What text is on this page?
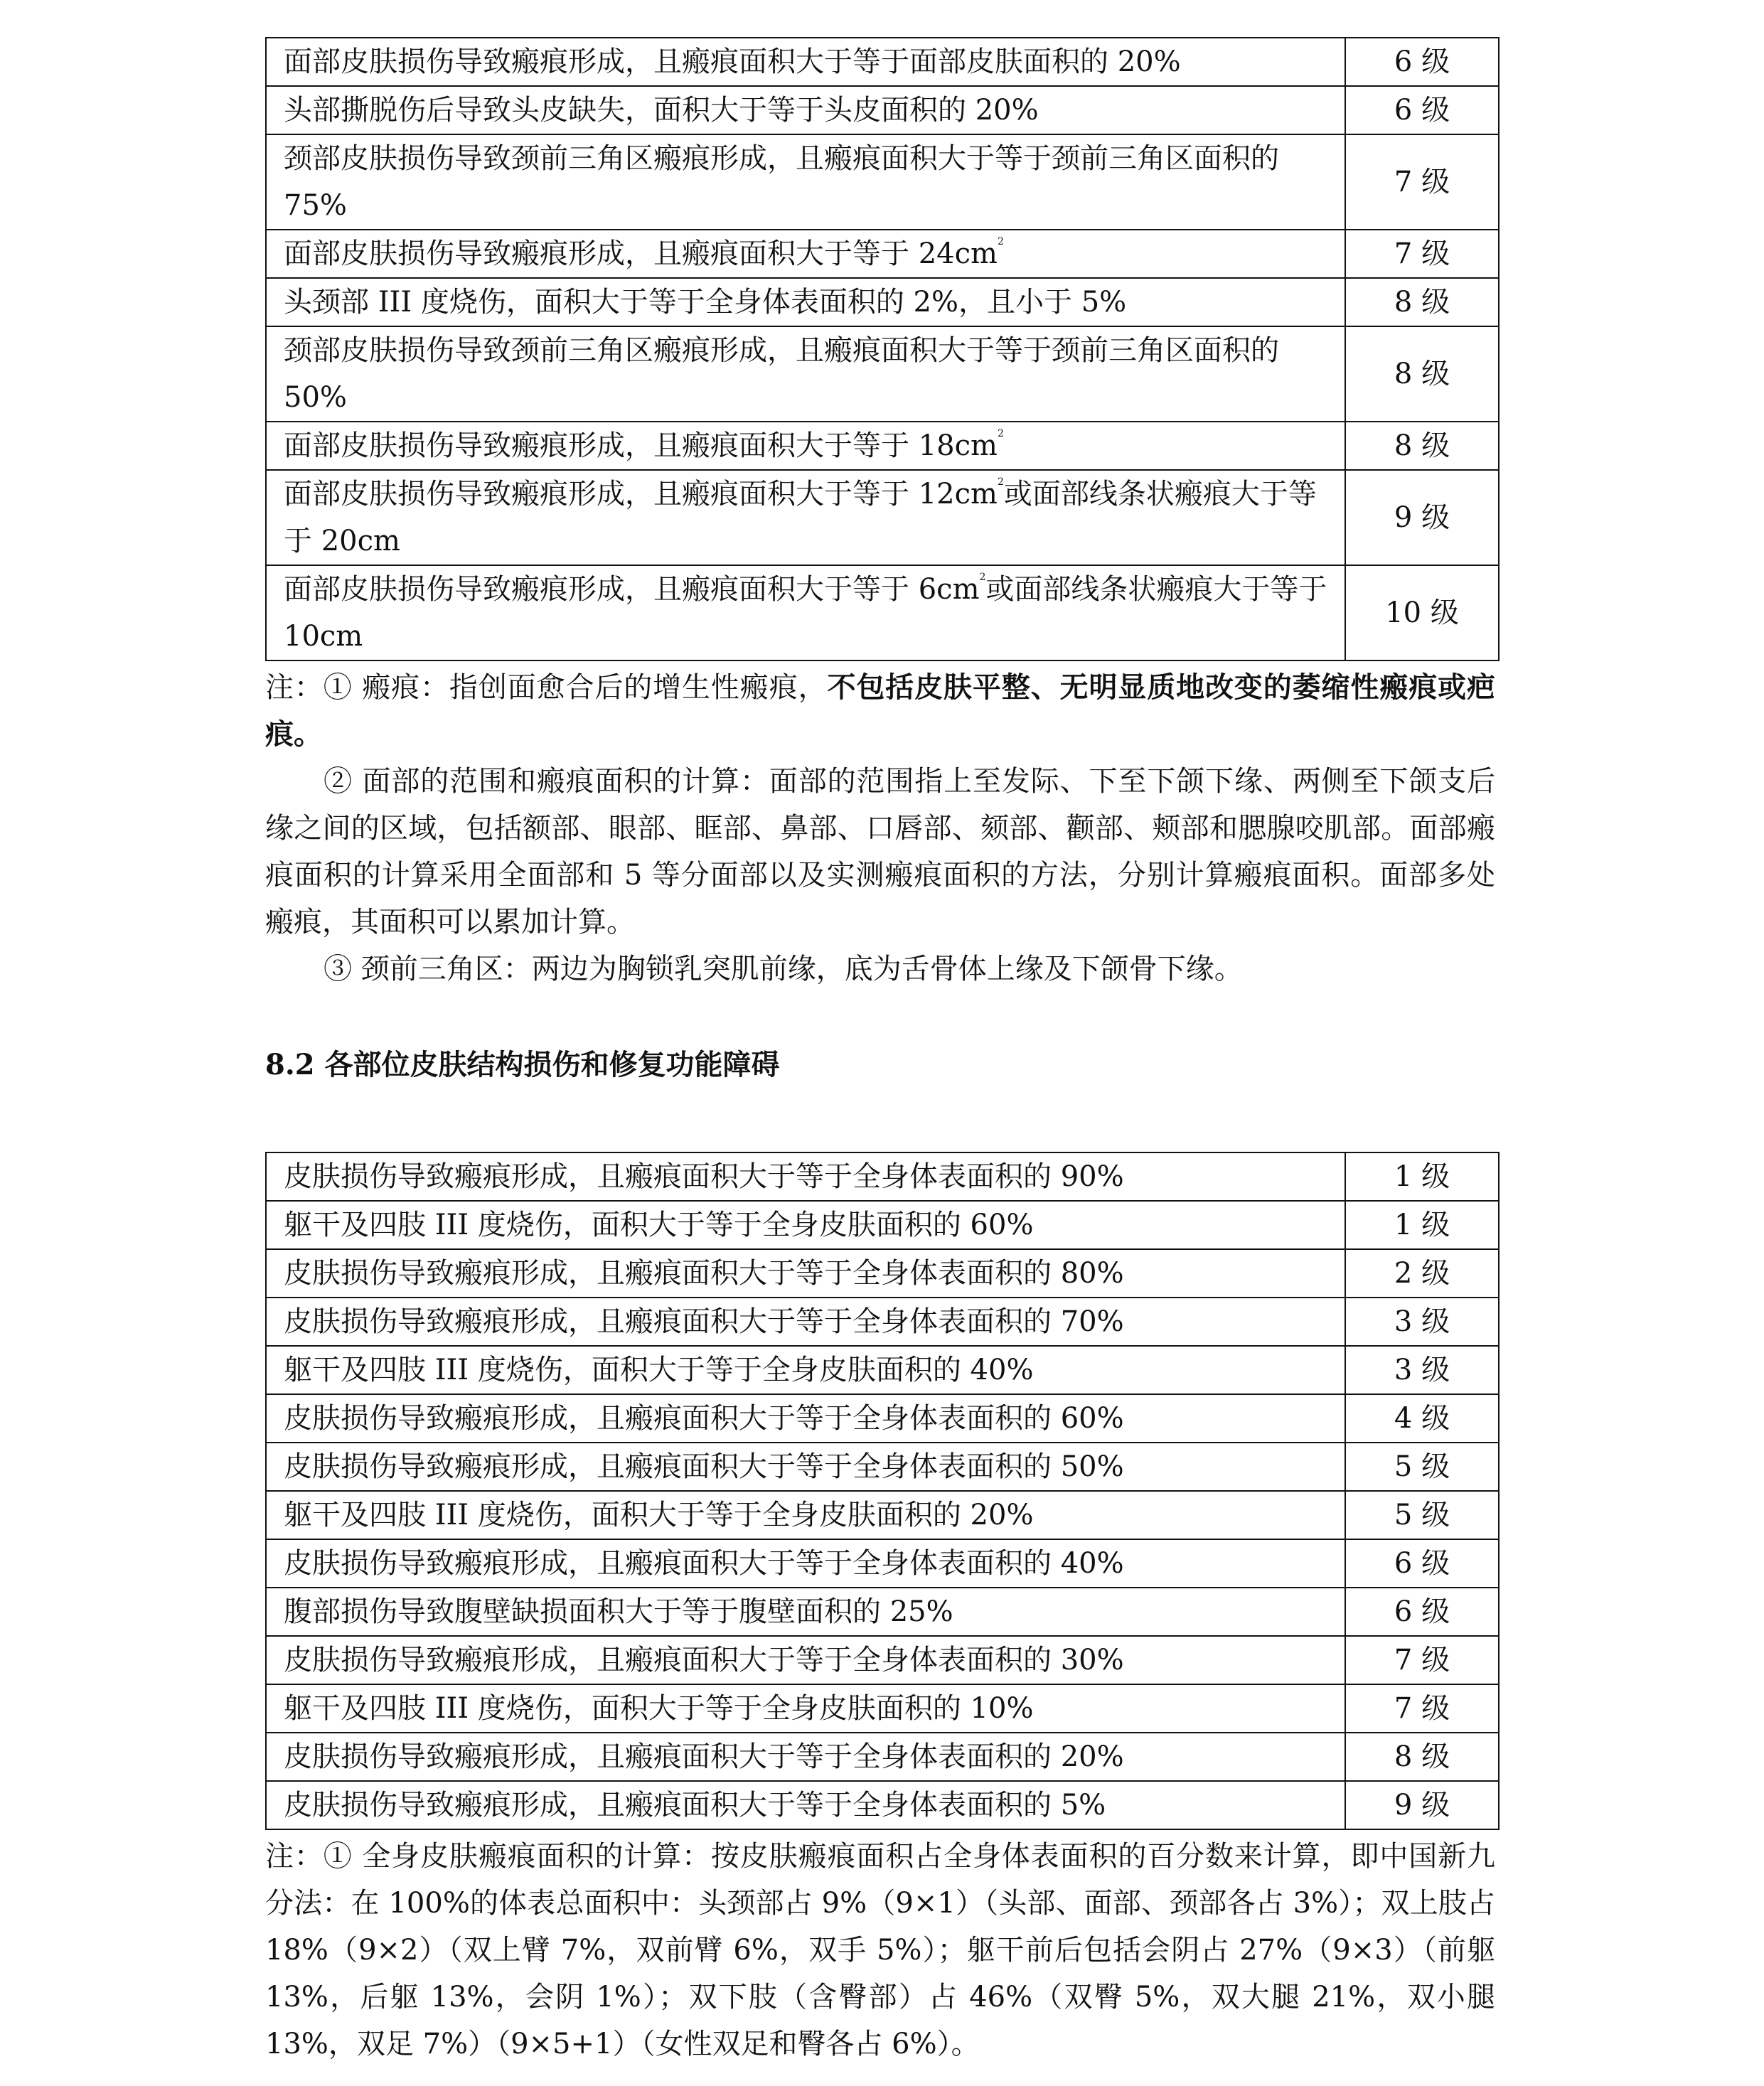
面部皮肤损伤导致瘢痕形成，且瘢痕面积大于等于面部皮肤面积的 20%	6 级
头部撕脱伤后导致头皮缺失，面积大于等于头皮面积的 20%	6 级
颈部皮肤损伤导致颈前三角区瘢痕形成，且瘢痕面积大于等于颈前三角区面积的 75%	7 级
面部皮肤损伤导致瘢痕形成，且瘢痕面积大于等于 $24cm^2$	7 级
头颈部 III 度烧伤，面积大于等于全身体表面积的 2%，且小于 5%	8 级
颈部皮肤损伤导致颈前三角区瘢痕形成，且瘢痕面积大于等于颈前三角区面积的 50%	8 级
面部皮肤损伤导致瘢痕形成，且瘢痕面积大于等于 $18cm^2$	8 级
面部皮肤损伤导致瘢痕形成，且瘢痕面积大于等于 $12cm^2$或面部线条状瘢痕大于等于 20cm	9 级
面部皮肤损伤导致瘢痕形成，且瘢痕面积大于等于 $6cm^2$或面部线条状瘢痕大于等于 10cm	10 级

注：① 瘢痕：指创面愈合后的增生性瘢痕，不包括皮肤平整、无明显质地改变的萎缩性瘢痕或疤痕。

② 面部的范围和瘢痕面积的计算：面部的范围指上至发际、下至下颌下缘、两侧至下颌支后缘之间的区域，包括额部、眼部、眶部、鼻部、口唇部、颏部、颧部、颊部和腮腺咬肌部。面部瘢痕面积的计算采用全面部和 5 等分面部以及实测瘢痕面积的方法，分别计算瘢痕面积。面部多处瘢痕，其面积可以累加计算。

③ 颈前三角区：两边为胸锁乳突肌前缘，底为舌骨体上缘及下颌骨下缘。

8.2 各部位皮肤结构损伤和修复功能障碍
皮肤损伤导致瘢痕形成，且瘢痕面积大于等于全身体表面积的 90%	1 级
躯干及四肢 III 度烧伤，面积大于等于全身皮肤面积的 60%	1 级
皮肤损伤导致瘢痕形成，且瘢痕面积大于等于全身体表面积的 80%	2 级
皮肤损伤导致瘢痕形成，且瘢痕面积大于等于全身体表面积的 70%	3 级
躯干及四肢 III 度烧伤，面积大于等于全身皮肤面积的 40%	3 级
皮肤损伤导致瘢痕形成，且瘢痕面积大于等于全身体表面积的 60%	4 级
皮肤损伤导致瘢痕形成，且瘢痕面积大于等于全身体表面积的 50%	5 级
躯干及四肢 III 度烧伤，面积大于等于全身皮肤面积的 20%	5 级
皮肤损伤导致瘢痕形成，且瘢痕面积大于等于全身体表面积的 40%	6 级
腹部损伤导致腹壁缺损面积大于等于腹壁面积的 25%	6 级
皮肤损伤导致瘢痕形成，且瘢痕面积大于等于全身体表面积的 30%	7 级
躯干及四肢 III 度烧伤，面积大于等于全身皮肤面积的 10%	7 级
皮肤损伤导致瘢痕形成，且瘢痕面积大于等于全身体表面积的 20%	8 级
皮肤损伤导致瘢痕形成，且瘢痕面积大于等于全身体表面积的 5%	9 级

注：① 全身皮肤瘢痕面积的计算：按皮肤瘢痕面积占全身体表面积的百分数来计算，即中国新九分法：在 100%的体表总面积中：头颈部占 9%（9×1）（头部、面部、颈部各占 3%）；双上肢占 18%（9×2）（双上臂 7%，双前臂 6%，双手 5%）；躯干前后包括会阴占 27%（9×3）（前躯 13%，后躯 13%，会阴 1%）；双下肢（含臀部）占 46%（双臀 5%，双大腿 21%，双小腿 13%，双足 7%）（9×5+1）（女性双足和臀各占 6%）。
